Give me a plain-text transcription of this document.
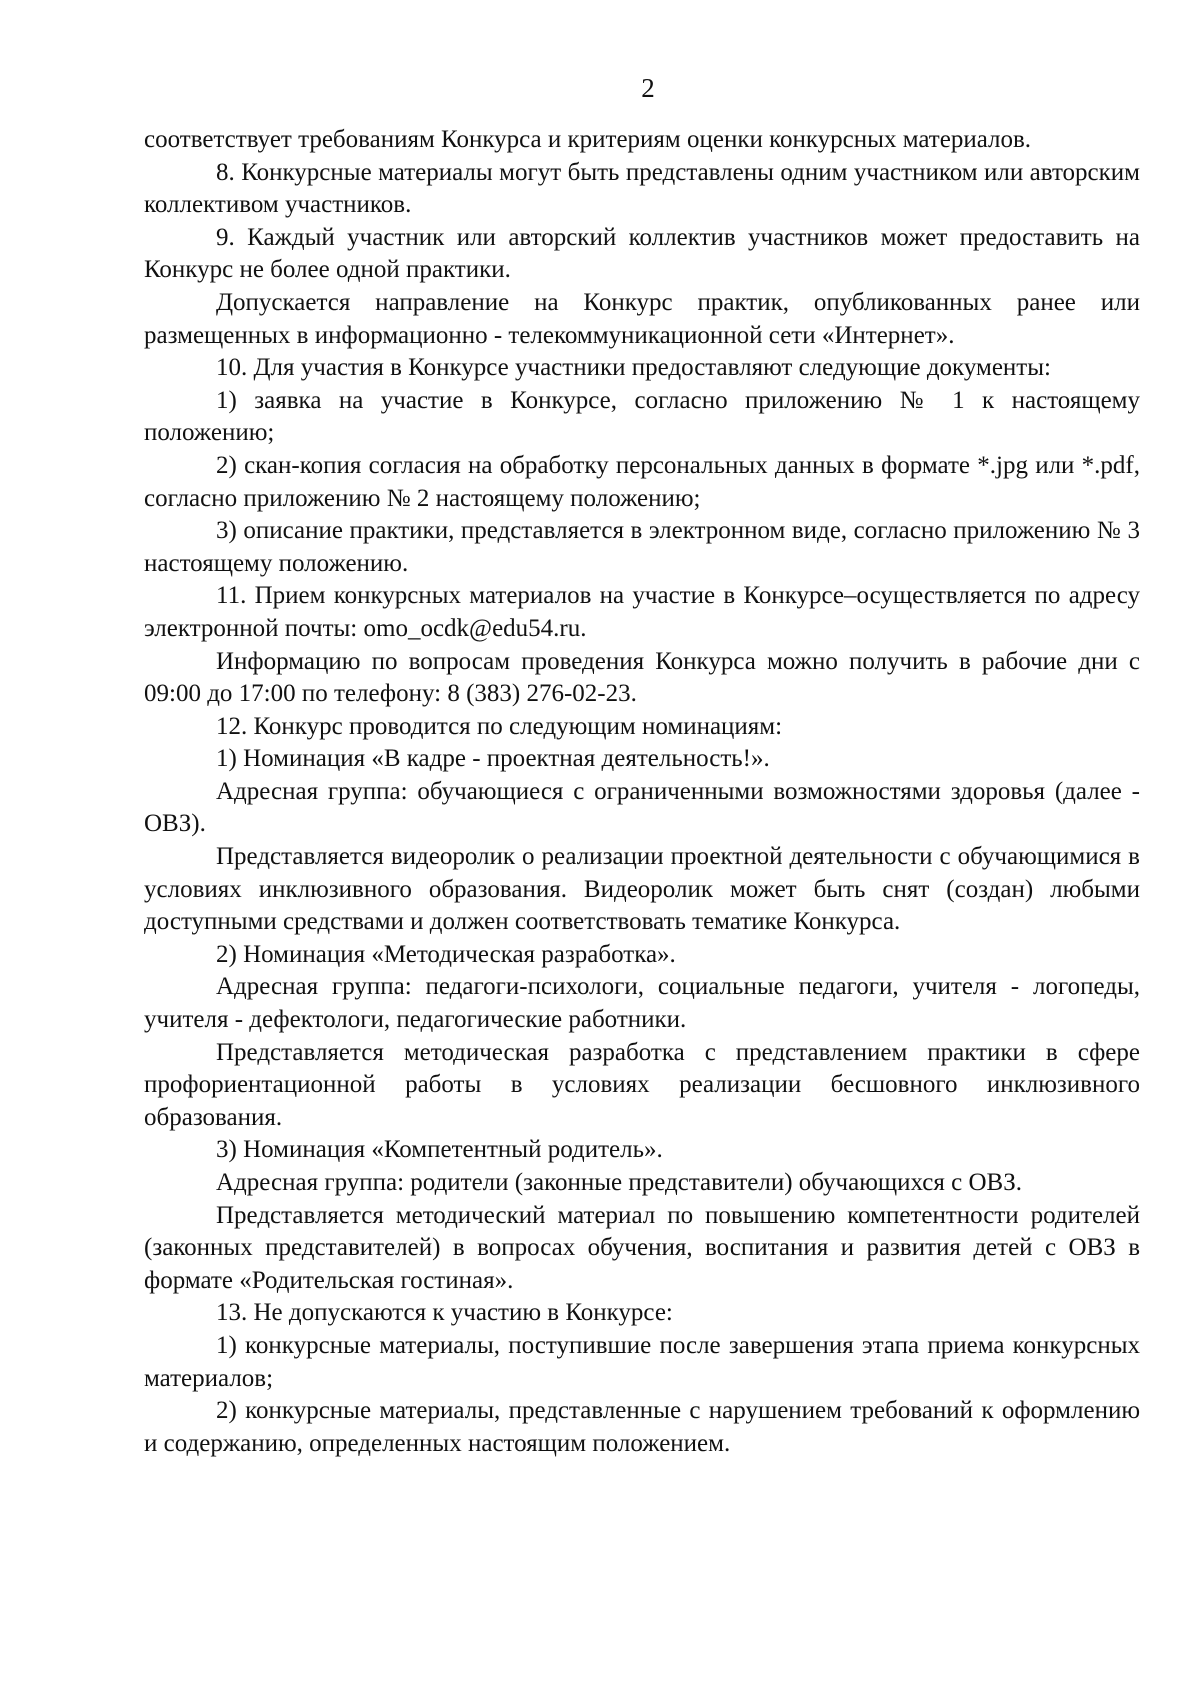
2

соответствует требованиям Конкурса и критериям оценки конкурсных материалов.

8. Конкурсные материалы могут быть представлены одним участником или авторским коллективом участников.

9. Каждый участник или авторский коллектив участников может предоставить на Конкурс не более одной практики.

Допускается направление на Конкурс практик, опубликованных ранее или размещенных в информационно - телекоммуникационной сети «Интернет».

10. Для участия в Конкурсе участники предоставляют следующие документы:

1) заявка на участие в Конкурсе, согласно приложению № 1 к настоящему положению;

2) скан-копия согласия на обработку персональных данных в формате *.jpg или *.pdf, согласно приложению № 2 настоящему положению;

3) описание практики, представляется в электронном виде, согласно приложению № 3 настоящему положению.

11. Прием конкурсных материалов на участие в Конкурсе–осуществляется по адресу электронной почты: omo_ocdk@edu54.ru.

Информацию по вопросам проведения Конкурса можно получить в рабочие дни с 09:00 до 17:00 по телефону: 8 (383) 276-02-23.

12. Конкурс проводится по следующим номинациям:

1) Номинация «В кадре - проектная деятельность!».

Адресная группа: обучающиеся с ограниченными возможностями здоровья (далее - ОВЗ).

Представляется видеоролик о реализации проектной деятельности с обучающимися в условиях инклюзивного образования. Видеоролик может быть снят (создан) любыми доступными средствами и должен соответствовать тематике Конкурса.

2) Номинация «Методическая разработка».

Адресная группа: педагоги-психологи, социальные педагоги, учителя - логопеды, учителя - дефектологи, педагогические работники.

Представляется методическая разработка с представлением практики в сфере профориентационной работы в условиях реализации бесшовного инклюзивного образования.

3) Номинация «Компетентный родитель».

Адресная группа: родители (законные представители) обучающихся с ОВЗ.

Представляется методический материал по повышению компетентности родителей (законных представителей) в вопросах обучения, воспитания и развития детей с ОВЗ в формате «Родительская гостиная».

13. Не допускаются к участию в Конкурсе:

1) конкурсные материалы, поступившие после завершения этапа приема конкурсных материалов;

2) конкурсные материалы, представленные с нарушением требований к оформлению и содержанию, определенных настоящим положением.
